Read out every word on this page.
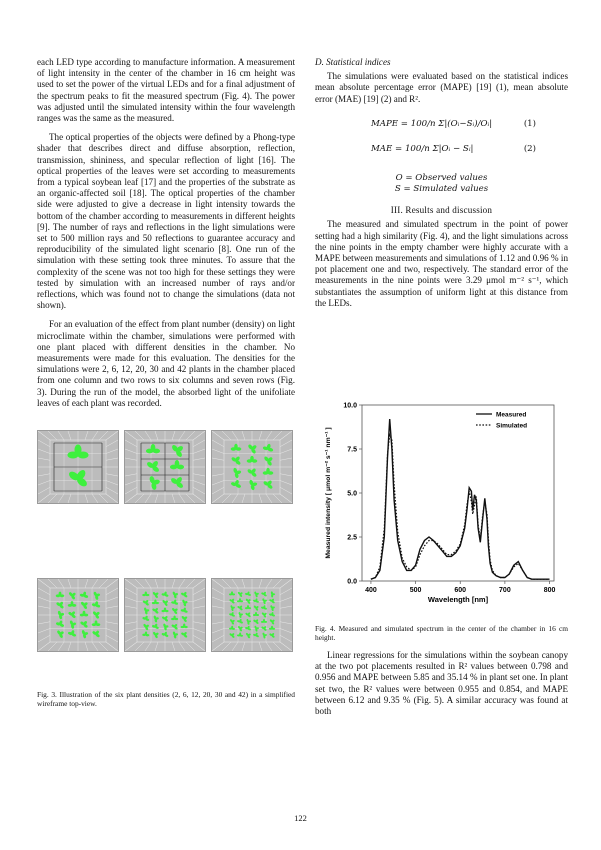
each LED type according to manufacture information. A measurement of light intensity in the center of the chamber in 16 cm height was used to set the power of the virtual LEDs and for a final adjustment of the spectrum peaks to fit the measured spectrum (Fig. 4). The power was adjusted until the simulated intensity within the four wavelength ranges was the same as the measured.

The optical properties of the objects were defined by a Phong-type shader that describes direct and diffuse absorption, reflection, transmission, shininess, and specular reflection of light [16]. The optical properties of the leaves were set according to measurements from a typical soybean leaf [17] and the properties of the substrate as an organic-affected soil [18]. The optical properties of the chamber side were adjusted to give a decrease in light intensity towards the bottom of the chamber according to measurements in different heights [9]. The number of rays and reflections in the light simulations were set to 500 million rays and 50 reflections to guarantee accuracy and reproducibility of the simulated light scenario [8]. One run of the simulation with these setting took three minutes. To assure that the complexity of the scene was not too high for these settings they were tested by simulation with an increased number of rays and/or reflections, which was found not to change the simulations (data not shown).

For an evaluation of the effect from plant number (density) on light microclimate within the chamber, simulations were performed with one plant placed with different densities in the chamber. No measurements were made for this evaluation. The densities for the simulations were 2, 6, 12, 20, 30 and 42 plants in the chamber placed from one column and two rows to six columns and seven rows (Fig. 3). During the run of the model, the absorbed light of the unifoliate leaves of each plant was recorded.

Fig. 3. Illustration of the six plant densities (2, 6, 12, 20, 30 and 42) in a simplified wireframe top-view.
D. Statistical indices

The simulations were evaluated based on the statistical indices mean absolute percentage error (MAPE) [19] (1), mean absolute error (MAE) [19] (2) and R².

MAPE = 100/n Σ|(Oᵢ−Sᵢ)/Oᵢ|	(1)
MAE = 100/n Σ|Oᵢ − Sᵢ|	(2)
O = Observed values
S = Simulated values
III. Results and discussion

The measured and simulated spectrum in the point of power setting had a high similarity (Fig. 4), and the light simulations across the nine points in the empty chamber were highly accurate with a MAPE between measurements and simulations of 1.12 and 0.96 % in pot placement one and two, respectively. The standard error of the measurements in the nine points were 3.29 μmol m⁻² s⁻¹, which substantiates the assumption of uniform light at this distance from the LEDs.

400	500	600	700	800
0.0
2.5
5.0
7.5
10.0
Wavelength [nm]
Measured intensity [ μmol m⁻² s⁻¹ nm⁻¹ ]
Measured
Simulated
Fig. 4. Measured and simulated spectrum in the center of the chamber in 16 cm height.

Linear regressions for the simulations within the soybean canopy at the two pot placements resulted in R² values between 0.798 and 0.956 and MAPE between 5.85 and 35.14 % in plant set one. In plant set two, the R² values were between 0.955 and 0.854, and MAPE between 6.12 and 9.35 % (Fig. 5). A similar accuracy was found at both

122
